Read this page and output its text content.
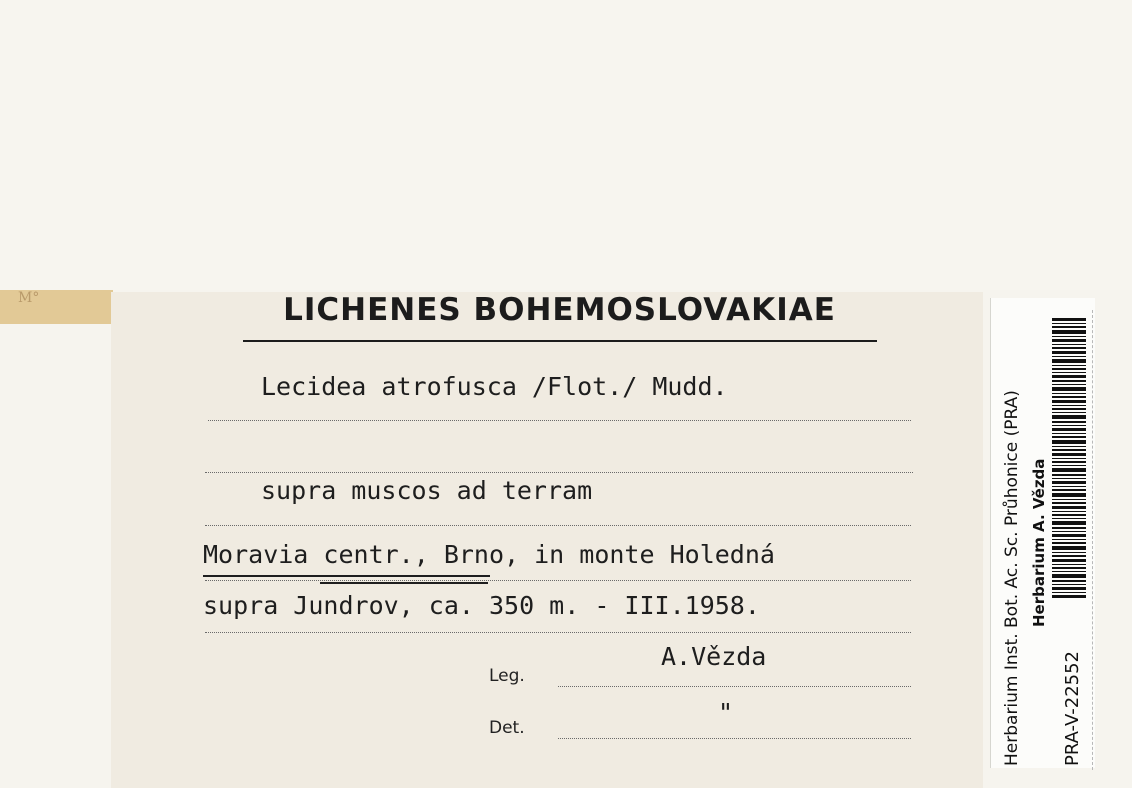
M°	LICHENES BOHEMOSLOVAKIAE
Lecidea atrofusca /Flot./ Mudd.
supra muscos ad terram
Moravia centr., Brno, in monte Holedná
supra Jundrov, ca. 350 m. - III.1958.
A.Vězda
Leg.
"
Det.	Herbarium Inst. Bot. Ac. Sc. Průhonice (PRA) Herbarium A. Vězda
PRA-V-22552
